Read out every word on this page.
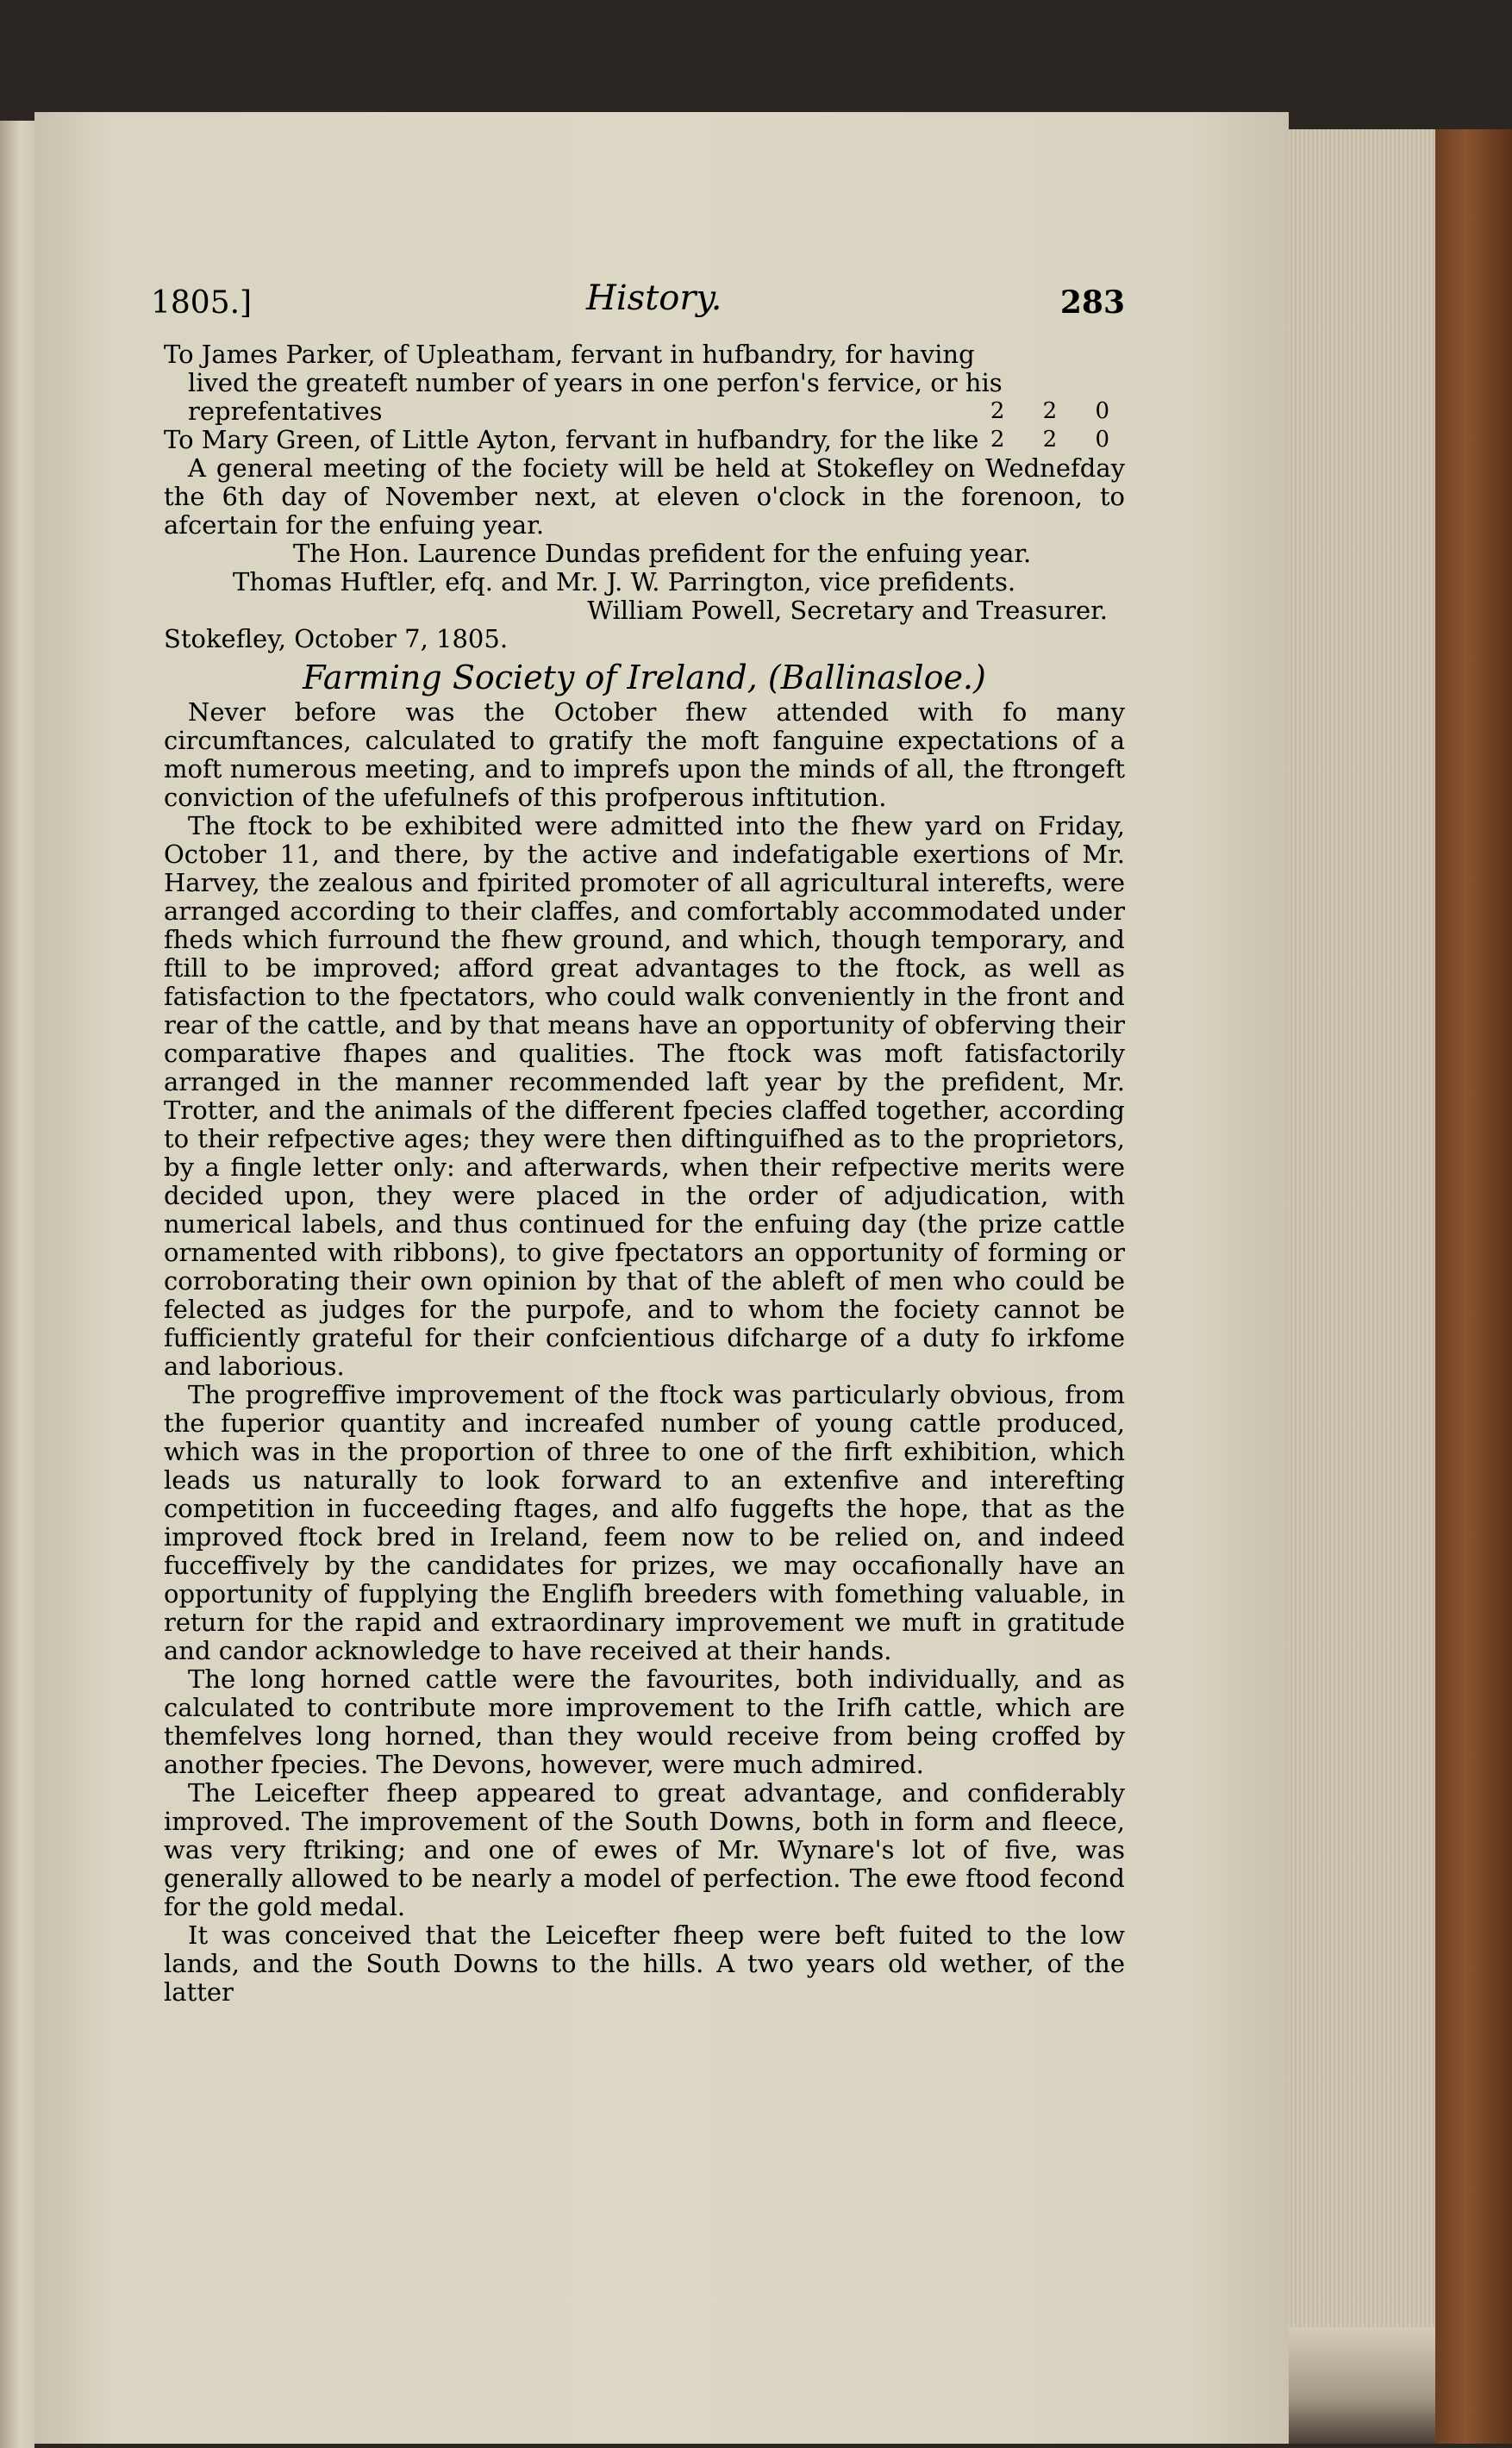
1805.]	History.	283
To James Parker, of Upleatham, fervant in hufbandry, for having lived the greateft number of years in one perfon's fervice, or his reprefentatives	2 2 0
To Mary Green, of Little Ayton, fervant in hufbandry, for the like 2 2 0

A general meeting of the fociety will be held at Stokefley on Wednefday the 6th day of November next, at eleven o'clock in the forenoon, to afcertain for the enfuing year.

The Hon. Laurence Dundas prefident for the enfuing year.

Thomas Huftler, efq. and Mr. J. W. Parrington, vice prefidents.

William Powell, Secretary and Treasurer.

Stokefley, October 7, 1805.

Farming Society of Ireland, (Ballinasloe.)

Never before was the October fhew attended with fo many circumftances, calculated to gratify the moft fanguine expectations of a moft numerous meeting, and to imprefs upon the minds of all, the ftrongeft conviction of the ufefulnefs of this profperous inftitution.

The ftock to be exhibited were admitted into the fhew yard on Friday, October 11, and there, by the active and indefatigable exertions of Mr. Harvey, the zealous and fpirited promoter of all agricultural interefts, were arranged according to their claffes, and comfortably accommodated under fheds which furround the fhew ground, and which, though temporary, and ftill to be improved; afford great advantages to the ftock, as well as fatisfaction to the fpectators, who could walk conveniently in the front and rear of the cattle, and by that means have an opportunity of obferving their comparative fhapes and qualities. The ftock was moft fatisfactorily arranged in the manner recommended laft year by the prefident, Mr. Trotter, and the animals of the different fpecies claffed together, according to their refpective ages; they were then diftinguifhed as to the proprietors, by a fingle letter only: and afterwards, when their refpective merits were decided upon, they were placed in the order of adjudication, with numerical labels, and thus continued for the enfuing day (the prize cattle ornamented with ribbons), to give fpectators an opportunity of forming or corroborating their own opinion by that of the ableft of men who could be felected as judges for the purpofe, and to whom the fociety cannot be fufficiently grateful for their confcientious difcharge of a duty fo irkfome and laborious.

The progreffive improvement of the ftock was particularly obvious, from the fuperior quantity and increafed number of young cattle produced, which was in the proportion of three to one of the firft exhibition, which leads us naturally to look forward to an extenfive and interefting competition in fucceeding ftages, and alfo fuggefts the hope, that as the improved ftock bred in Ireland, feem now to be relied on, and indeed fucceffively by the candidates for prizes, we may occafionally have an opportunity of fupplying the Englifh breeders with fomething valuable, in return for the rapid and extraordinary improvement we muft in gratitude and candor acknowledge to have received at their hands.

The long horned cattle were the favourites, both individually, and as calculated to contribute more improvement to the Irifh cattle, which are themfelves long horned, than they would receive from being croffed by another fpecies. The Devons, however, were much admired.

The Leicefter fheep appeared to great advantage, and confiderably improved. The improvement of the South Downs, both in form and fleece, was very ftriking; and one of ewes of Mr. Wynare's lot of five, was generally allowed to be nearly a model of perfection. The ewe ftood fecond for the gold medal.

It was conceived that the Leicefter fheep were beft fuited to the low lands, and the South Downs to the hills. A two years old wether, of the latter
